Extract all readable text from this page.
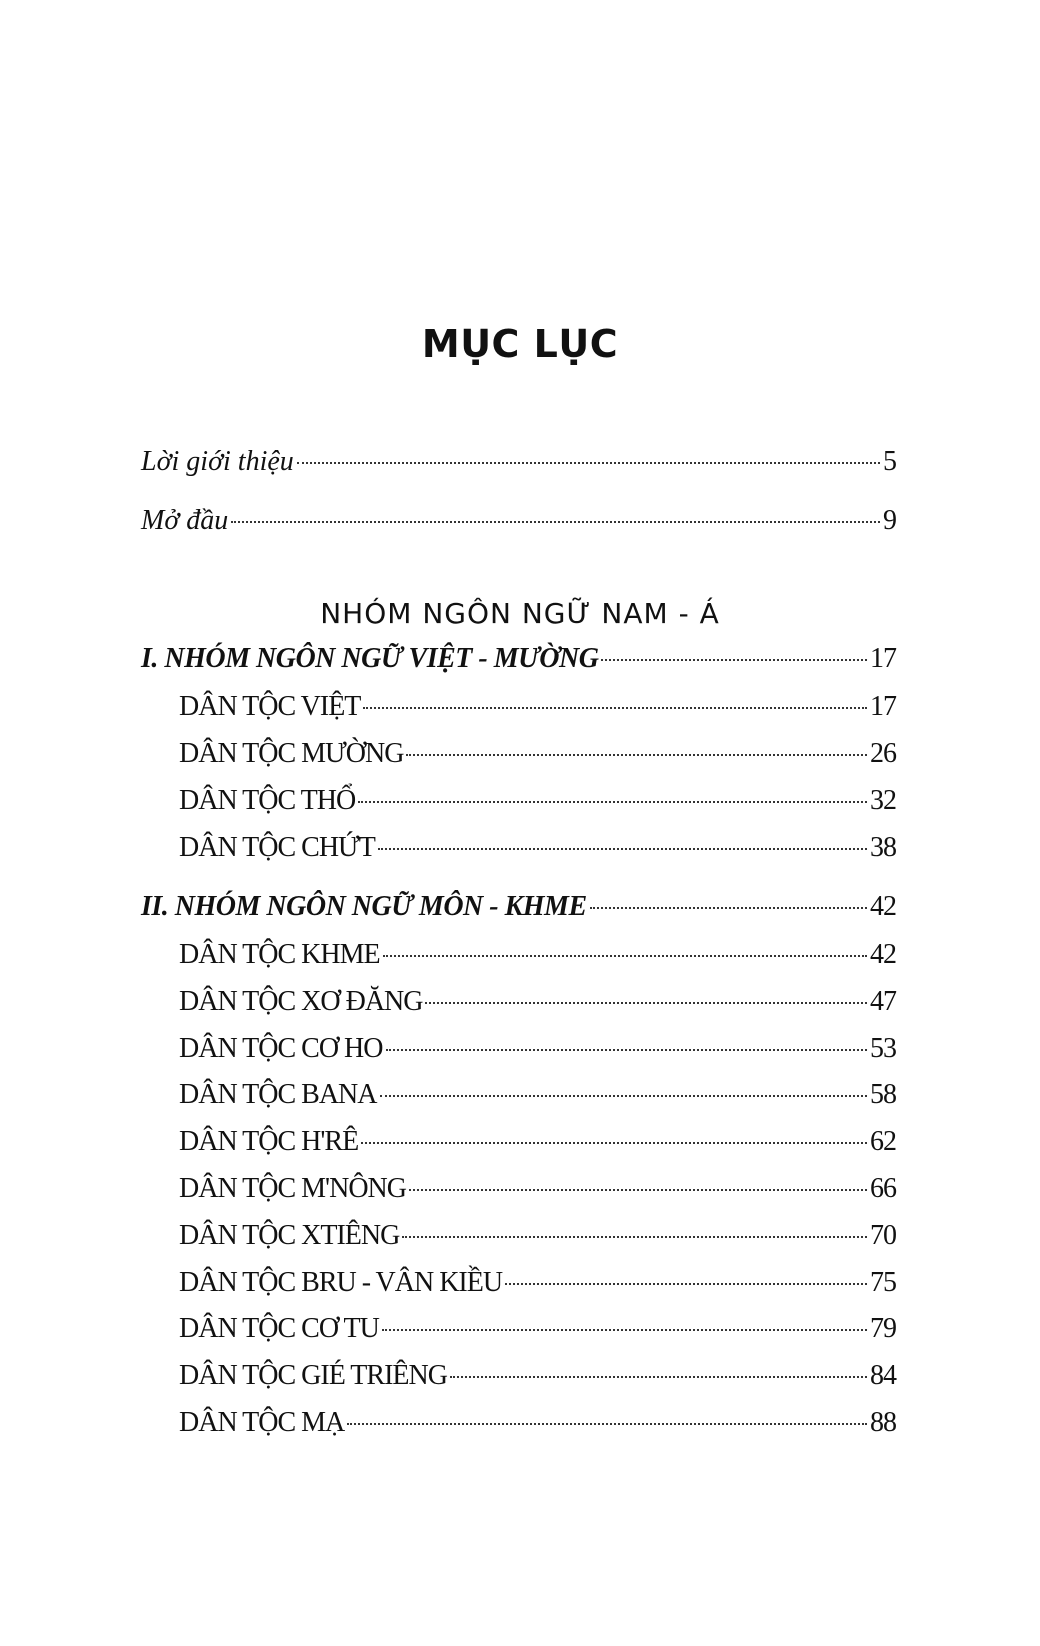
MỤC LỤC
Lời giới thiệu	5
Mở đầu	9
NHÓM NGÔN NGỮ NAM - Á
I. NHÓM NGÔN NGỮ VIỆT - MƯỜNG	17
DÂN TỘC VIỆT	17
DÂN TỘC MƯỜNG	26
DÂN TỘC THỔ	32
DÂN TỘC CHỨT	38
II. NHÓM NGÔN NGỮ MÔN - KHME	42
DÂN TỘC KHME	42
DÂN TỘC XƠ ĐĂNG	47
DÂN TỘC CƠ HO	53
DÂN TỘC BANA	58
DÂN TỘC H'RÊ	62
DÂN TỘC M'NÔNG	66
DÂN TỘC XTIÊNG	70
DÂN TỘC BRU - VÂN KIỀU	75
DÂN TỘC CƠ TU	79
DÂN TỘC GIÉ TRIÊNG	84
DÂN TỘC MẠ	88
